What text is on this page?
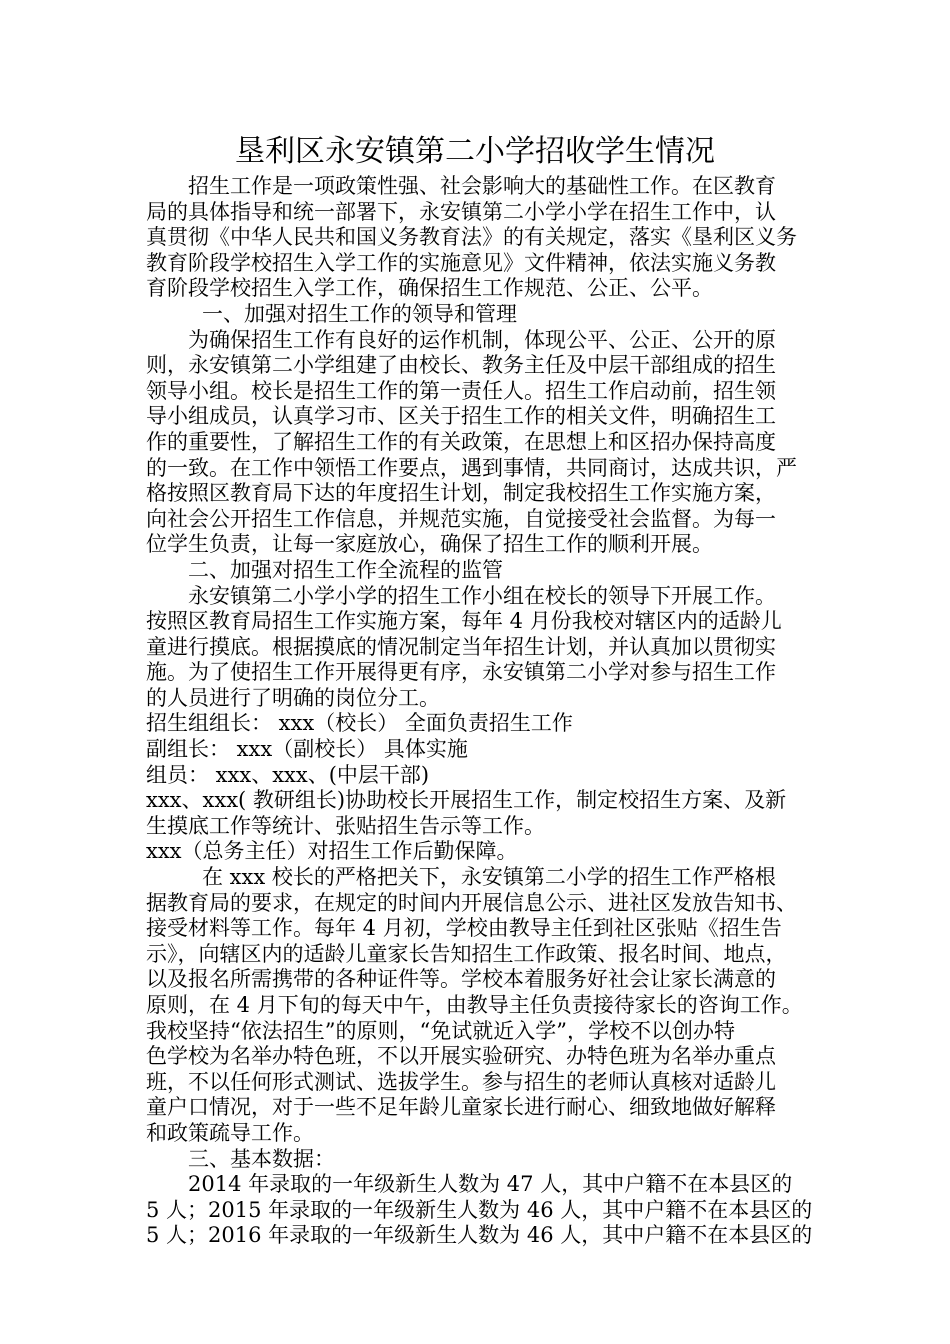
垦利区永安镇第二小学招收学生情况
招生工作是一项政策性强、社会影响大的基础性工作。在区教育
局的具体指导和统一部署下，永安镇第二小学小学在招生工作中，认
真贯彻《中华人民共和国义务教育法》的有关规定，落实《垦利区义务
教育阶段学校招生入学工作的实施意见》文件精神，依法实施义务教
育阶段学校招生入学工作，确保招生工作规范、公正、公平。
一、加强对招生工作的领导和管理
为确保招生工作有良好的运作机制，体现公平、公正、公开的原
则，永安镇第二小学组建了由校长、教务主任及中层干部组成的招生
领导小组。校长是招生工作的第一责任人。招生工作启动前，招生领
导小组成员，认真学习市、区关于招生工作的相关文件，明确招生工
作的重要性，了解招生工作的有关政策，在思想上和区招办保持高度
的一致。在工作中领悟工作要点，遇到事情，共同商讨，达成共识，严
格按照区教育局下达的年度招生计划，制定我校招生工作实施方案，
向社会公开招生工作信息，并规范实施，自觉接受社会监督。为每一
位学生负责，让每一家庭放心，确保了招生工作的顺利开展。
二、加强对招生工作全流程的监管
永安镇第二小学小学的招生工作小组在校长的领导下开展工作。
按照区教育局招生工作实施方案，每年 4 月份我校对辖区内的适龄儿
童进行摸底。根据摸底的情况制定当年招生计划，并认真加以贯彻实
施。为了使招生工作开展得更有序，永安镇第二小学对参与招生工作
的人员进行了明确的岗位分工。
招生组组长： xxx（校长） 全面负责招生工作
副组长： xxx（副校长） 具体实施
组员： xxx、xxx、(中层干部)
xxx、xxx( 教研组长)协助校长开展招生工作，制定校招生方案、及新
生摸底工作等统计、张贴招生告示等工作。
xxx（总务主任）对招生工作后勤保障。
在 xxx 校长的严格把关下，永安镇第二小学的招生工作严格根
据教育局的要求，在规定的时间内开展信息公示、进社区发放告知书、
接受材料等工作。每年 4 月初，学校由教导主任到社区张贴《招生告
示》，向辖区内的适龄儿童家长告知招生工作政策、报名时间、地点，
以及报名所需携带的各种证件等。学校本着服务好社会让家长满意的
原则，在 4 月下旬的每天中午，由教导主任负责接待家长的咨询工作。
我校坚持“依法招生”的原则，“免试就近入学”，学校不以创办特
色学校为名举办特色班，不以开展实验研究、办特色班为名举办重点
班，不以任何形式测试、选拔学生。参与招生的老师认真核对适龄儿
童户口情况，对于一些不足年龄儿童家长进行耐心、细致地做好解释
和政策疏导工作。
三、基本数据：
2014 年录取的一年级新生人数为 47 人，其中户籍不在本县区的
5 人；2015 年录取的一年级新生人数为 46 人，其中户籍不在本县区的
5 人；2016 年录取的一年级新生人数为 46 人，其中户籍不在本县区的
